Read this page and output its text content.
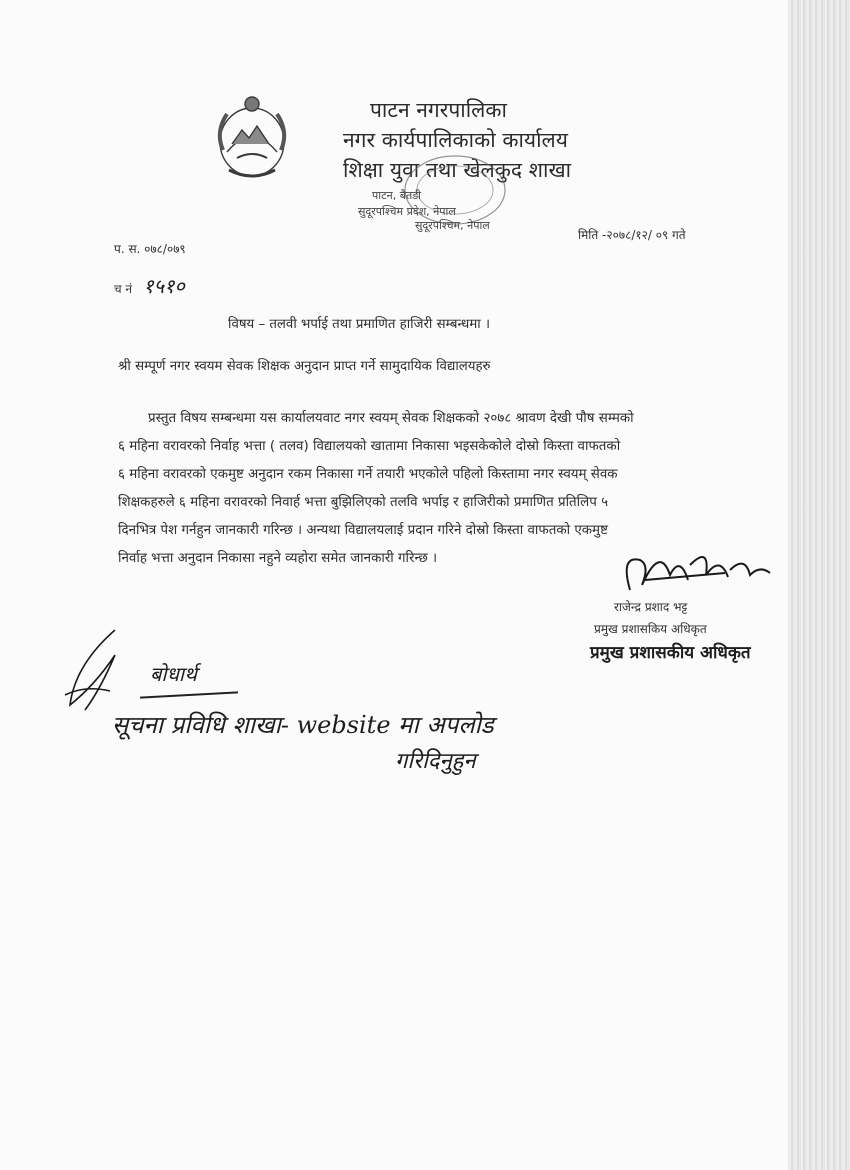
पाटन नगरपालिका
नगर कार्यपालिकाको कार्यालय
शिक्षा युवा तथा खेलकुद शाखा
पाटन, बैतडी
सुदूरपश्चिम प्रदेश, नेपाल
सुदूरपश्चिम, नेपाल
प. स. ०७८/०७९
मिति -२०७८/१२/ ०९ गते
च नं १५१०
विषय – तलवी भर्पाई तथा प्रमाणित हाजिरी सम्बन्धमा ।
श्री सम्पूर्ण नगर स्वयम सेवक शिक्षक अनुदान प्राप्त गर्ने सामुदायिक विद्यालयहरु
प्रस्तुत विषय सम्बन्धमा यस कार्यालयवाट नगर स्वयम् सेवक शिक्षकको २०७८ श्रावण देखी पौष सम्मको
६ महिना वरावरको निर्वाह भत्ता ( तलव) विद्यालयको खातामा निकासा भइसकेकोले दोस्रो किस्ता वाफतको
६ महिना वरावरको एकमुष्ट अनुदान रकम निकासा गर्ने तयारी भएकोले पहिलो किस्तामा नगर स्वयम् सेवक
शिक्षकहरुले ६ महिना वरावरको निवार्ह भत्ता बुझिलिएको तलवि भर्पाइ र हाजिरीको प्रमाणित प्रतिलिप ५
दिनभित्र पेश गर्नहुन जानकारी गरिन्छ । अन्यथा विद्यालयलाई प्रदान गरिने दोस्रो किस्ता वाफतको एकमुष्ट
निर्वाह भत्ता अनुदान निकासा नहुने व्यहोरा समेत जानकारी गरिन्छ ।
राजेन्द्र प्रशाद भट्ट
प्रमुख प्रशासकिय अधिकृत
प्रमुख प्रशासकीय अधिकृत
बोधार्थ
सूचना प्रविधि शाखा- website मा अपलोड
गरिदिनुहुन
